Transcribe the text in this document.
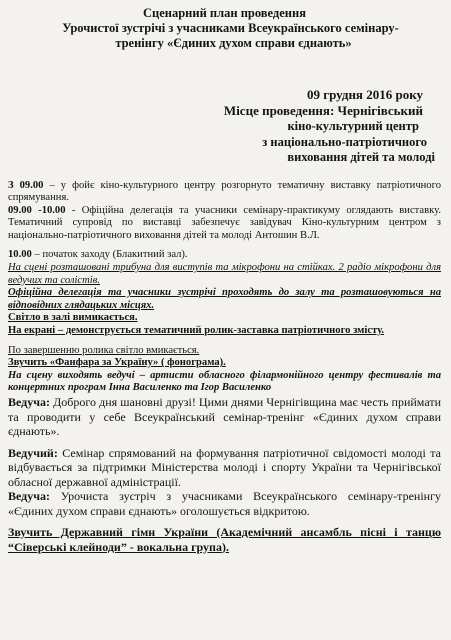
Сценарний план проведення
Урочистої зустрічі з учасниками Всеукраїнського семінару-
тренінгу «Єдиних духом справи єднають»
09 грудня 2016 року
Місце проведення: Чернігівський
кіно-культурний центр
з національно-патріотичного
виховання дітей та молоді

З 09.00 – у фойє кіно-культурного центру розгорнуто тематичну виставку патріотичного спрямування.

09.00 -10.00 - Офіційна делегація та учасники семінару-практикуму оглядають виставку. Тематичний супровід по виставці забезпечує завідувач Кіно-культурним центром з національно-патріотичного виховання дітей та молоді Антошин В.Л.

10.00 – початок заходу (Блакитний зал).

На сцені розташовані трибуна для виступів та мікрофони на стійках. 2 радіо мікрофони для ведучих та солістів.

Офіційна делегація та учасники зустрічі проходять до залу та розташовуються на відповідних глядацьких місцях.

Світло в залі вимикається.

На екрані – демонструється тематичний ролик-заставка патріотичного змісту.

По завершенню ролика світло вмикається.

Звучить «Фанфара за Україну» ( фонограма).

На сцену виходять ведучі – артисти обласного філармонійного центру фестивалів та концертних програм Інна Василенко та Ігор Василенко

Ведуча: Доброго дня шановні друзі! Цими днями Чернігівщина має честь приймати та проводити у себе Всеукраїнський семінар-тренінг «Єдиних духом справи єднають».

Ведучий: Семінар спрямований на формування патріотичної свідомості молоді та відбувається за підтримки Міністерства молоді і спорту України та Чернігівської обласної державної адміністрації.

Ведуча: Урочиста зустріч з учасниками Всеукраїнського семінару-тренінгу «Єдиних духом справи єднають» оголошується відкритою.

Звучить Державний гімн України (Академічний ансамбль пісні і танцю “Сіверські клейноди” - вокальна група).
